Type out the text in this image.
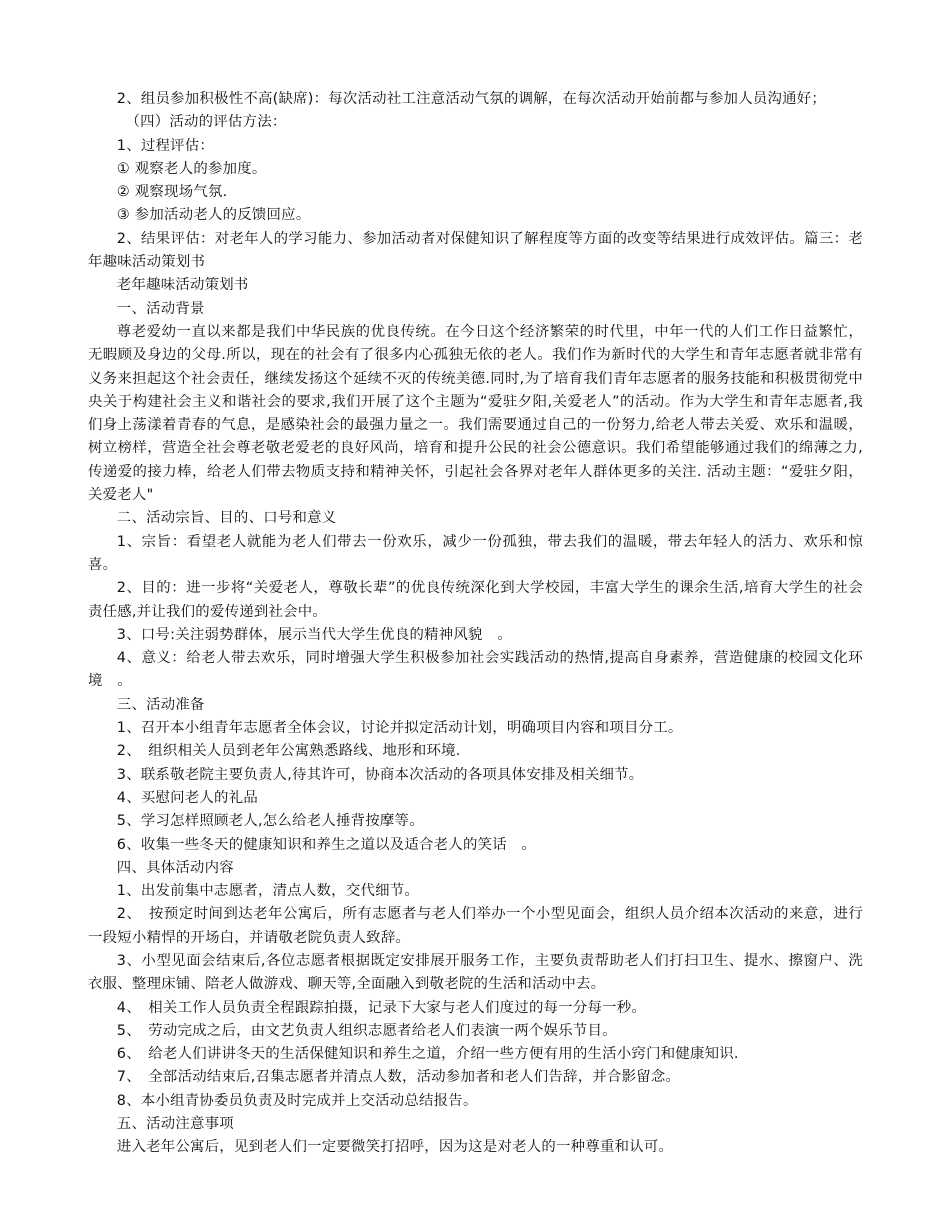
2、组员参加积极性不高(缺席)：每次活动社工注意活动气氛的调解，在每次活动开始前都与参加人员沟通好；

（四）活动的评估方法：

1、过程评估：

① 观察老人的参加度。

② 观察现场气氛.

③ 参加活动老人的反馈回应。

2、结果评估：对老年人的学习能力、参加活动者对保健知识了解程度等方面的改变等结果进行成效评估。篇三：老年趣味活动策划书

老年趣味活动策划书

一、活动背景

尊老爱幼一直以来都是我们中华民族的优良传统。在今日这个经济繁荣的时代里，中年一代的人们工作日益繁忙，无暇顾及身边的父母.所以，现在的社会有了很多内心孤独无依的老人。我们作为新时代的大学生和青年志愿者就非常有义务来担起这个社会责任，继续发扬这个延续不灭的传统美德.同时,为了培育我们青年志愿者的服务技能和积极贯彻党中央关于构建社会主义和谐社会的要求,我们开展了这个主题为“爱驻夕阳,关爱老人”的活动。作为大学生和青年志愿者,我们身上荡漾着青春的气息，是感染社会的最强力量之一。我们需要通过自己的一份努力,给老人带去关爱、欢乐和温暖，树立榜样，营造全社会尊老敬老爱老的良好风尚，培育和提升公民的社会公德意识。我们希望能够通过我们的绵薄之力,传递爱的接力棒，给老人们带去物质支持和精神关怀，引起社会各界对老年人群体更多的关注. 活动主题：“爱驻夕阳，关爱老人"

二、活动宗旨、目的、口号和意义

1、宗旨：看望老人就能为老人们带去一份欢乐，减少一份孤独，带去我们的温暖，带去年轻人的活力、欢乐和惊喜。

2、目的：进一步将“关爱老人，尊敬长辈”的优良传统深化到大学校园，丰富大学生的课余生活,培育大学生的社会责任感,并让我们的爱传递到社会中。

3、口号:关注弱势群体，展示当代大学生优良的精神风貌　。

4、意义：给老人带去欢乐，同时增强大学生积极参加社会实践活动的热情,提高自身素养，营造健康的校园文化环境　。

三、活动准备

1、召开本小组青年志愿者全体会议，讨论并拟定活动计划，明确项目内容和项目分工。

2、　组织相关人员到老年公寓熟悉路线、地形和环境.

3、联系敬老院主要负责人,待其许可，协商本次活动的各项具体安排及相关细节。

4、买慰问老人的礼品

5、学习怎样照顾老人,怎么给老人捶背按摩等。

6、收集一些冬天的健康知识和养生之道以及适合老人的笑话　。

四、具体活动内容

1、出发前集中志愿者，清点人数，交代细节。

2、　按预定时间到达老年公寓后，所有志愿者与老人们举办一个小型见面会，组织人员介绍本次活动的来意，进行一段短小精悍的开场白，并请敬老院负责人致辞。

3、小型见面会结束后,各位志愿者根据既定安排展开服务工作，主要负责帮助老人们打扫卫生、提水、擦窗户、洗衣服、整理床铺、陪老人做游戏、聊天等,全面融入到敬老院的生活和活动中去。

4、　相关工作人员负责全程跟踪拍摄，记录下大家与老人们度过的每一分每一秒。

5、　劳动完成之后，由文艺负责人组织志愿者给老人们表演一两个娱乐节目。

6、　给老人们讲讲冬天的生活保健知识和养生之道，介绍一些方便有用的生活小窍门和健康知识.

7、　全部活动结束后,召集志愿者并清点人数，活动参加者和老人们告辞，并合影留念。

8、本小组青协委员负责及时完成并上交活动总结报告。

五、活动注意事项

进入老年公寓后，见到老人们一定要微笑打招呼，因为这是对老人的一种尊重和认可。
